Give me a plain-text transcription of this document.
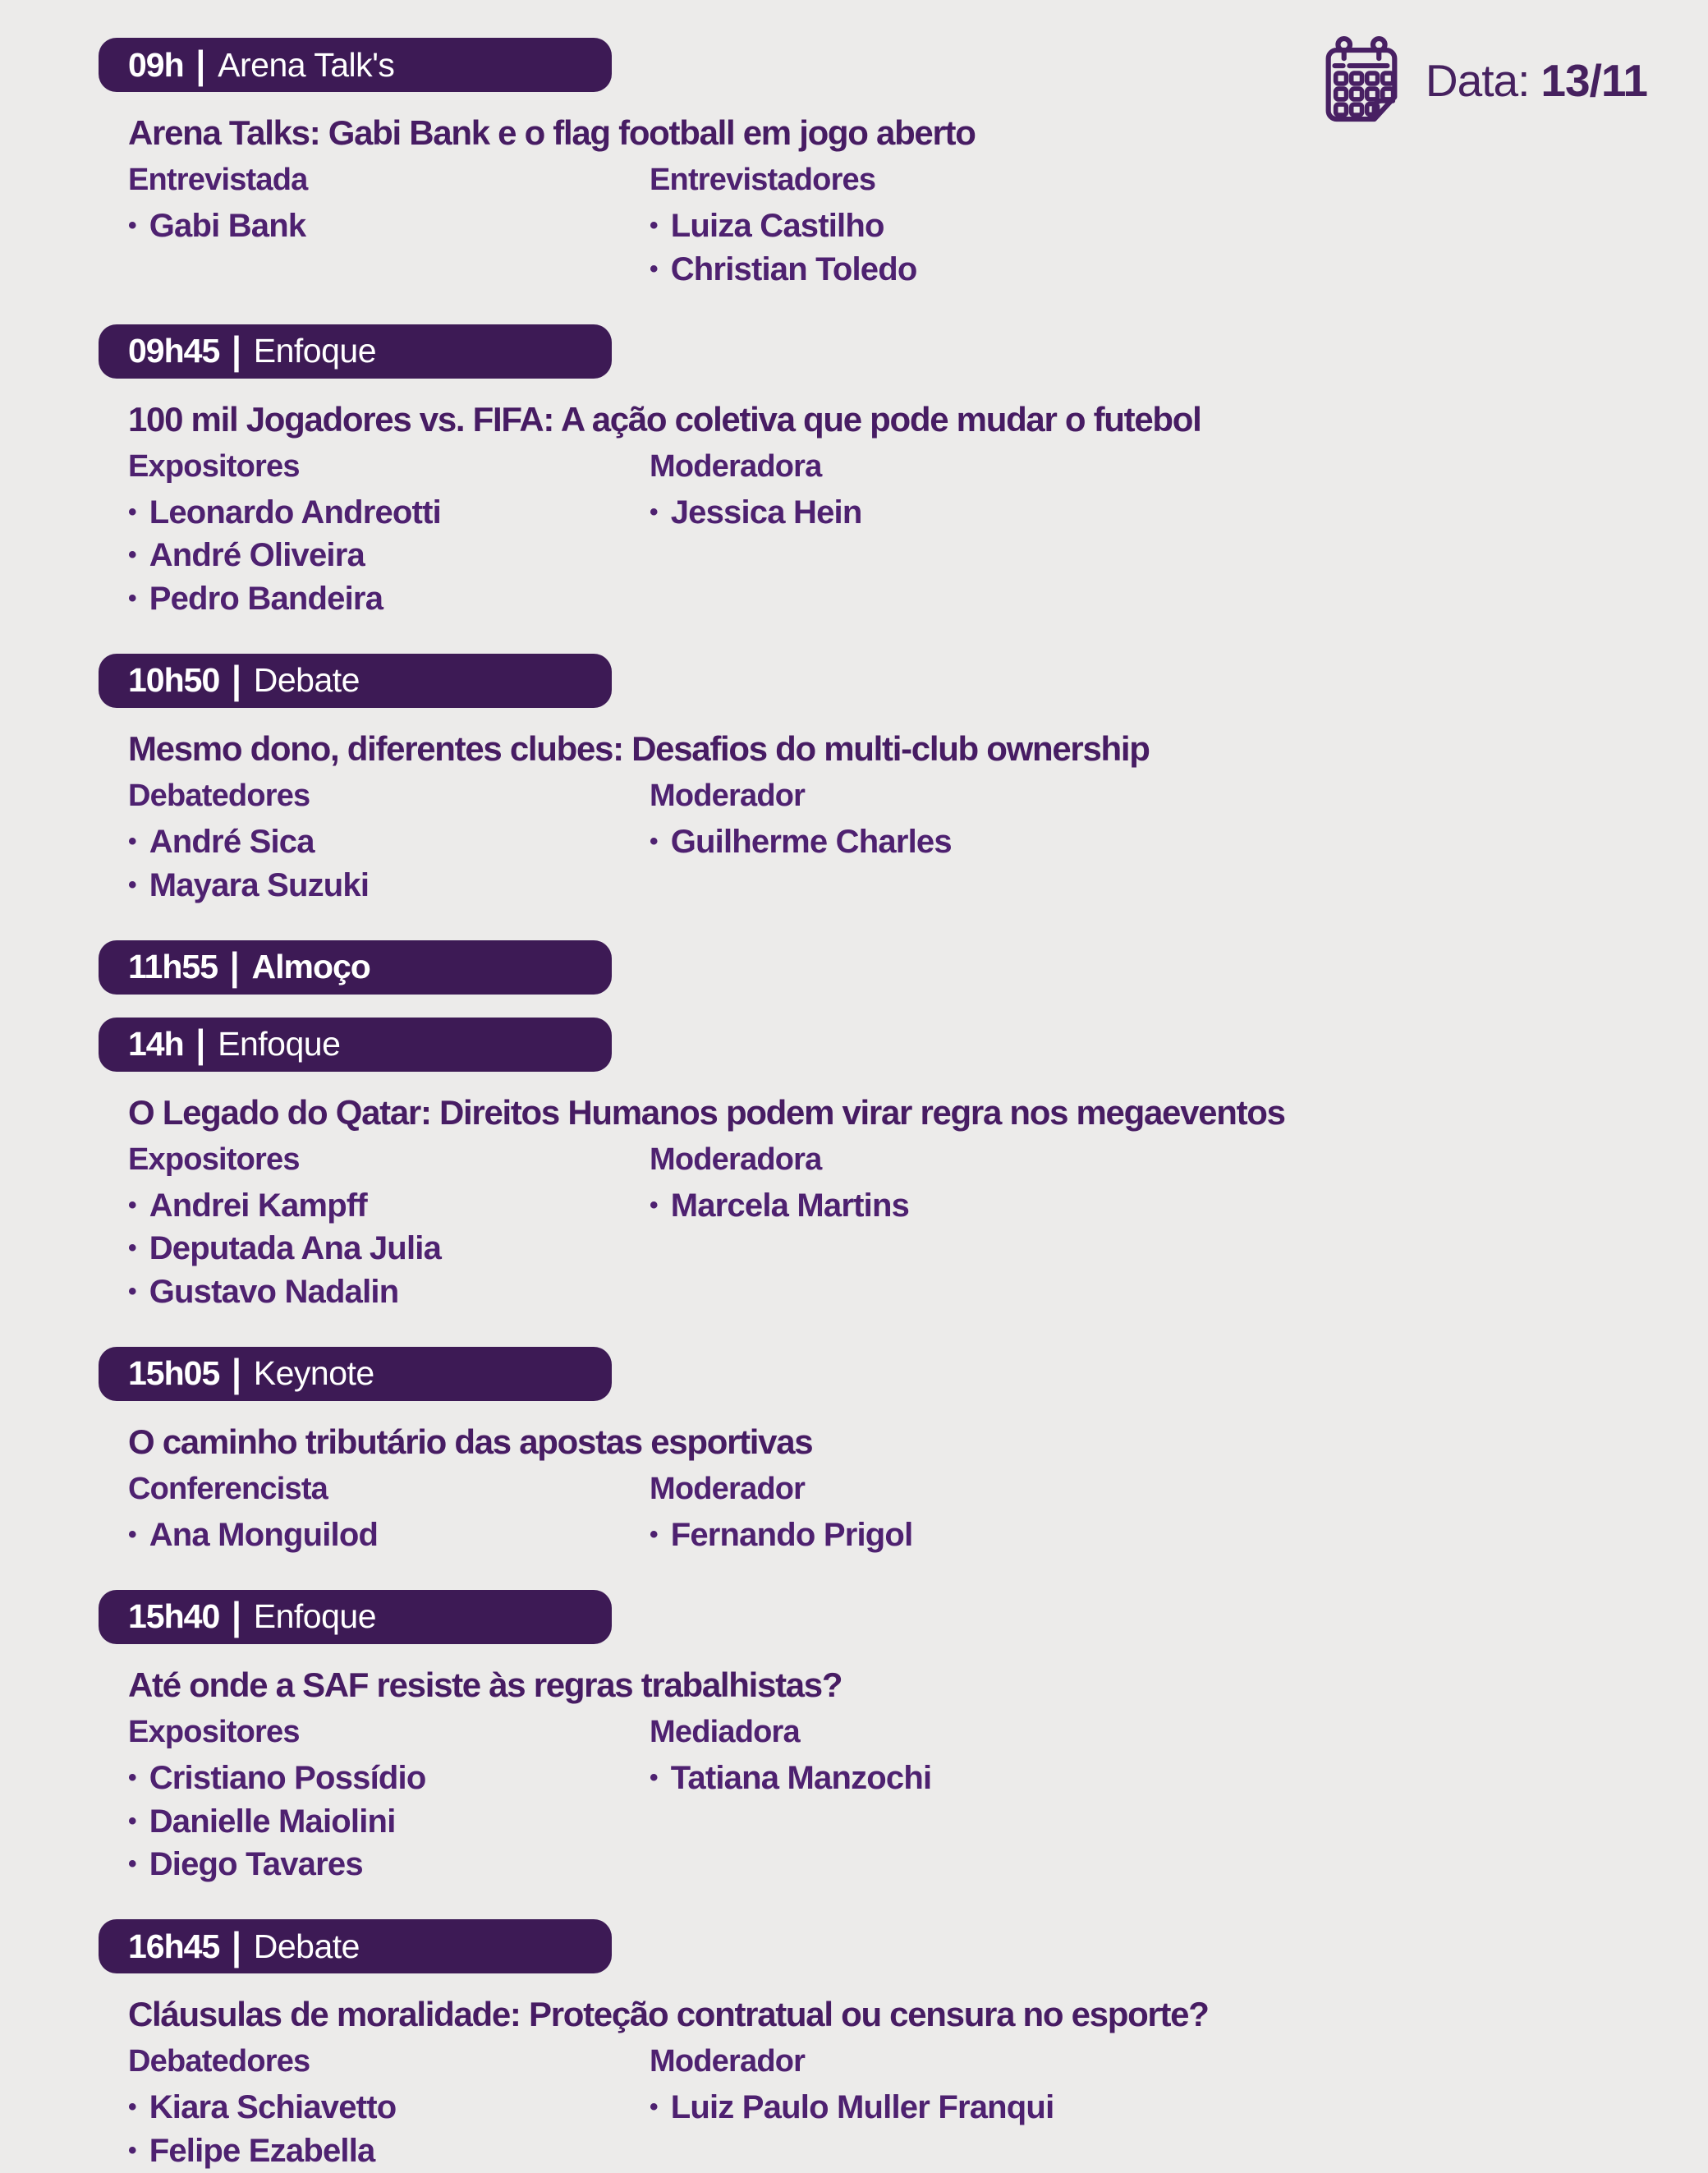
Data: 13/11
09h | Arena Talk's
Arena Talks: Gabi Bank e o flag football em jogo aberto
Entrevistada
• Gabi Bank
Entrevistadores
• Luiza Castilho
• Christian Toledo
09h45 | Enfoque
100 mil Jogadores vs. FIFA: A ação coletiva que pode mudar o futebol
Expositores
• Leonardo Andreotti
• André Oliveira
• Pedro Bandeira
Moderadora
• Jessica Hein
10h50 | Debate
Mesmo dono, diferentes clubes: Desafios do multi-club ownership
Debatedores
• André Sica
• Mayara Suzuki
Moderador
• Guilherme Charles
11h55 | Almoço
14h | Enfoque
O Legado do Qatar: Direitos Humanos podem virar regra nos megaeventos
Expositores
• Andrei Kampff
• Deputada Ana Julia
• Gustavo Nadalin
Moderadora
• Marcela Martins
15h05 | Keynote
O caminho tributário das apostas esportivas
Conferencista
• Ana Monguilod
Moderador
• Fernando Prigol
15h40 | Enfoque
Até onde a SAF resiste às regras trabalhistas?
Expositores
• Cristiano Possídio
• Danielle Maiolini
• Diego Tavares
Mediadora
• Tatiana Manzochi
16h45 | Debate
Cláusulas de moralidade: Proteção contratual ou censura no esporte?
Debatedores
• Kiara Schiavetto
• Felipe Ezabella
Moderador
• Luiz Paulo Muller Franqui
